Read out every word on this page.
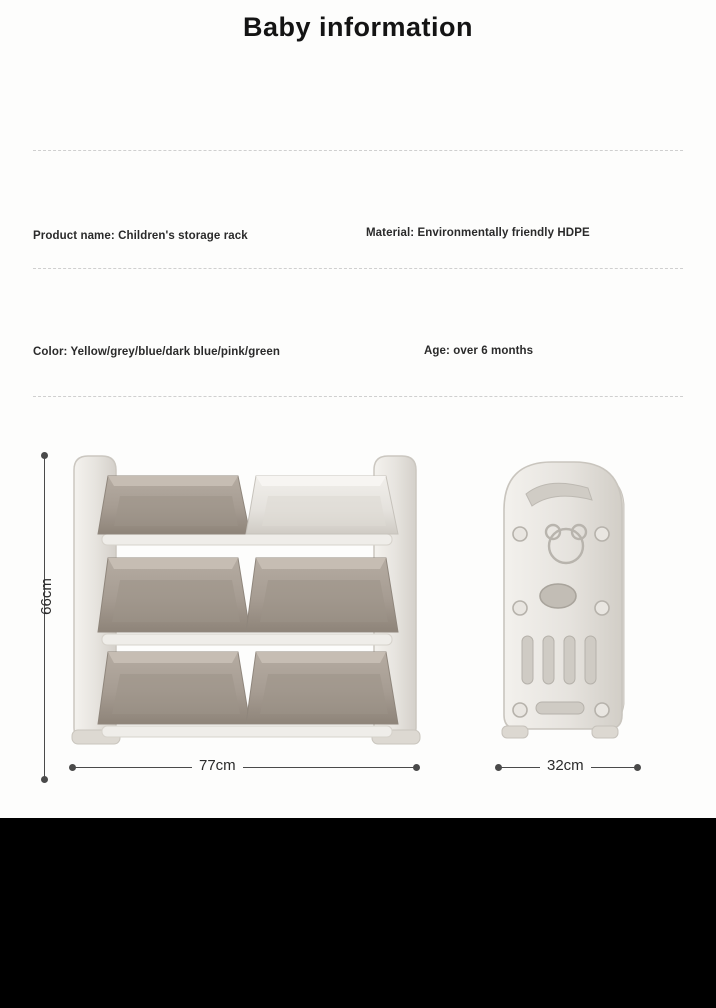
Baby information
Product name: Children's storage rack	Material: Environmentally friendly HDPE
Color: Yellow/grey/blue/dark blue/pink/green	Age: over 6 months
66cm
77cm	32cm
